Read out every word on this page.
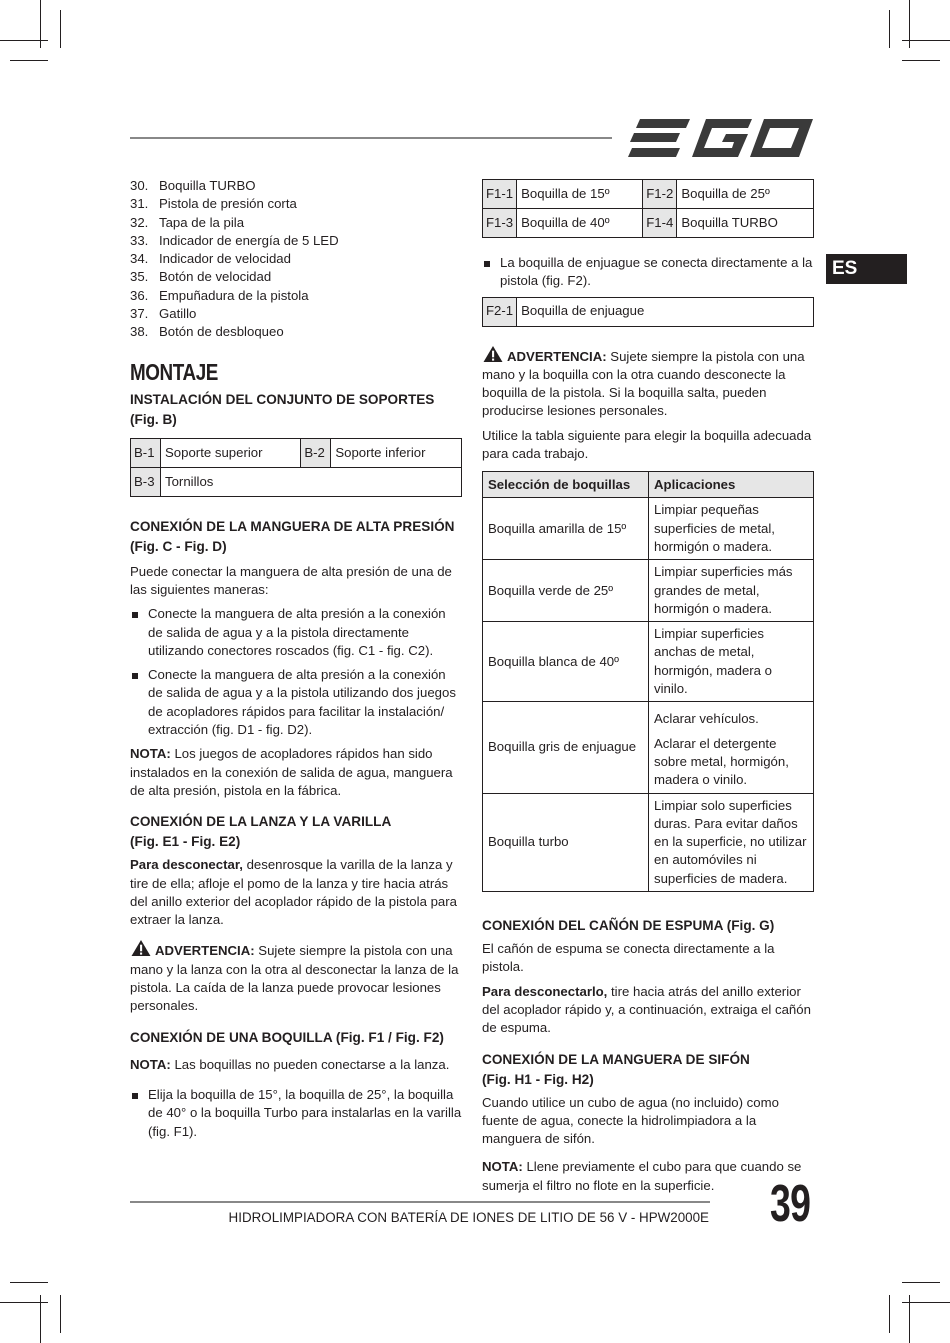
ES
30. Boquilla TURBO
31. Pistola de presión corta
32. Tapa de la pila
33. Indicador de energía de 5 LED
34. Indicador de velocidad
35. Botón de velocidad
36. Empuñadura de la pistola
37. Gatillo
38. Botón de desbloqueo
MONTAJE
INSTALACIÓN DEL CONJUNTO DE SOPORTES
(Fig. B)
B-1	Soporte superior	B-2	Soporte inferior
B-3	Tornillos		
CONEXIÓN DE LA MANGUERA DE ALTA PRESIÓN
(Fig. C - Fig. D)

Puede conectar la manguera de alta presión de una de las siguientes maneras:

Conecte la manguera de alta presión a la conexión de salida de agua y a la pistola directamente utilizando conectores roscados (fig. C1 - fig. C2).
Conecte la manguera de alta presión a la conexión de salida de agua y a la pistola utilizando dos juegos de acopladores rápidos para facilitar la instalación/ extracción (fig. D1 - fig. D2).

NOTA: Los juegos de acopladores rápidos han sido instalados en la conexión de salida de agua, manguera de alta presión, pistola en la fábrica.

CONEXIÓN DE LA LANZA Y LA VARILLA
(Fig. E1 - Fig. E2)

Para desconectar, desenrosque la varilla de la lanza y tire de ella; afloje el pomo de la lanza y tire hacia atrás del anillo exterior del acoplador rápido de la pistola para extraer la lanza.

ADVERTENCIA: Sujete siempre la pistola con una mano y la lanza con la otra al desconectar la lanza de la pistola. La caída de la lanza puede provocar lesiones personales.

CONEXIÓN DE UNA BOQUILLA (Fig. F1 / Fig. F2)

NOTA: Las boquillas no pueden conectarse a la lanza.

Elija la boquilla de 15°, la boquilla de 25°, la boquilla de 40° o la boquilla Turbo para instalarlas en la varilla (fig. F1).
F1-1	Boquilla de 15º	F1-2	Boquilla de 25º
F1-3	Boquilla de 40º	F1-4	Boquilla TURBO
La boquilla de enjuague se conecta directamente a la pistola (fig. F2).
F2-1	Boquilla de enjuague

ADVERTENCIA: Sujete siempre la pistola con una mano y la boquilla con la otra cuando desconecte la boquilla de la pistola. Si la boquilla salta, pueden producirse lesiones personales.

Utilice la tabla siguiente para elegir la boquilla adecuada para cada trabajo.

Selección de boquillas	Aplicaciones
Boquilla amarilla de 15º	Limpiar pequeñas superficies de metal, hormigón o madera.

Boquilla verde de 25º	Limpiar superficies más grandes de metal, hormigón o madera.

Boquilla blanca de 40º	Limpiar superficies anchas de metal, hormigón, madera o vinilo.

Boquilla gris de enjuague	Aclarar vehículos.

Aclarar el detergente sobre metal, hormigón, madera o vinilo.

Boquilla turbo	Limpiar solo superficies duras. Para evitar daños en la superficie, no utilizar en automóviles ni superficies de madera.

CONEXIÓN DEL CAÑÓN DE ESPUMA (Fig. G)

El cañón de espuma se conecta directamente a la pistola.

Para desconectarlo, tire hacia atrás del anillo exterior del acoplador rápido y, a continuación, extraiga el cañón de espuma.

CONEXIÓN DE LA MANGUERA DE SIFÓN
(Fig. H1 - Fig. H2)

Cuando utilice un cubo de agua (no incluido) como fuente de agua, conecte la hidrolimpiadora a la manguera de sifón.

NOTA: Llene previamente el cubo para que cuando se sumerja el filtro no flote en la superficie.

HIDROLIMPIADORA CON BATERÍA DE IONES DE LITIO DE 56 V - HPW2000E 39
